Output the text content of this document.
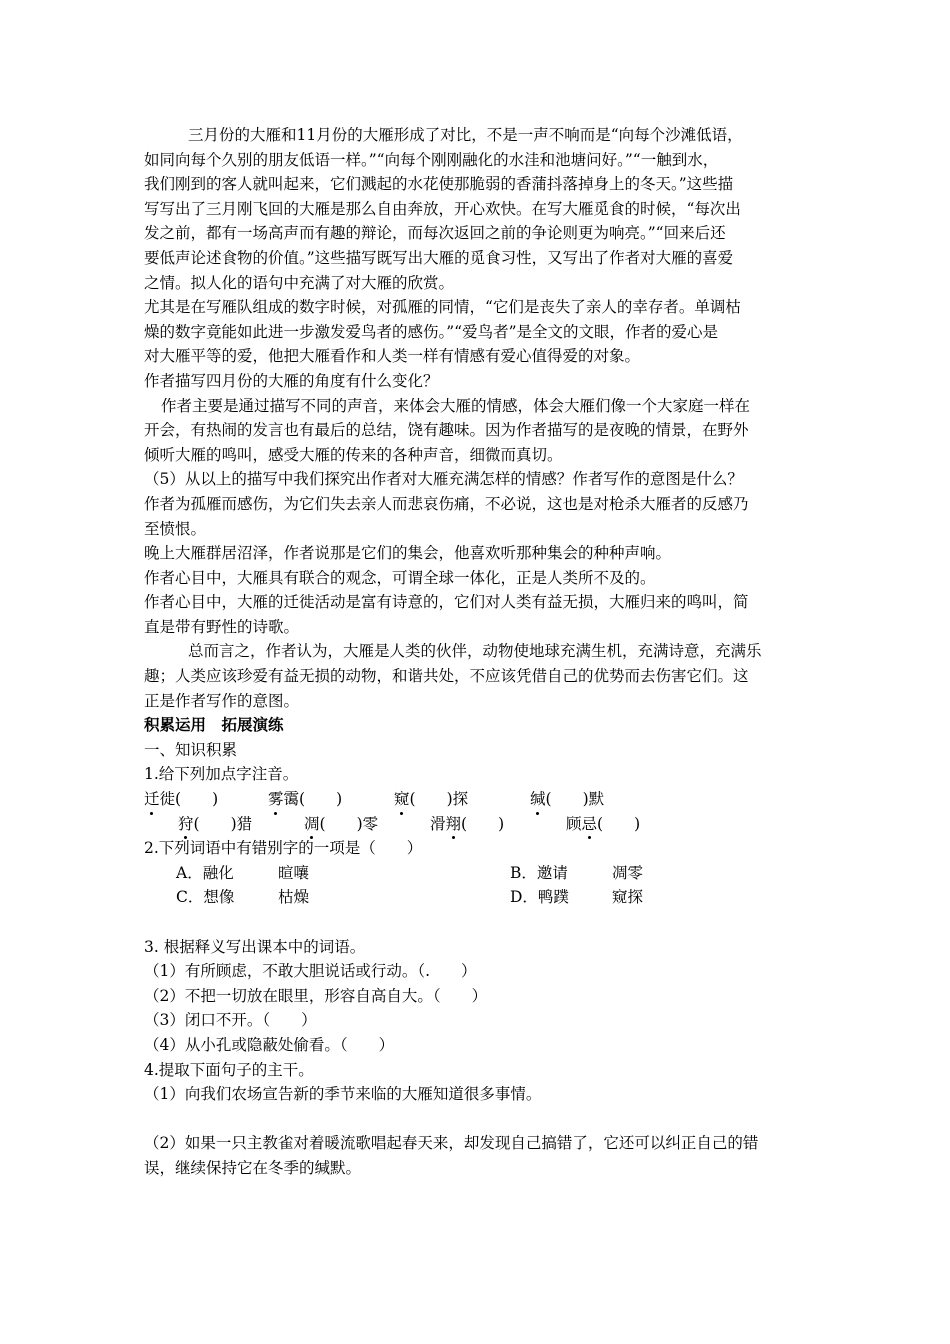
三月份的大雁和11月份的大雁形成了对比，不是一声不响而是“向每个沙滩低语，
如同向每个久别的朋友低语一样。”“向每个刚刚融化的水洼和池塘问好。”“一触到水，
我们刚到的客人就叫起来，它们溅起的水花使那脆弱的香蒲抖落掉身上的冬天。”这些描
写写出了三月刚飞回的大雁是那么自由奔放，开心欢快。在写大雁觅食的时候，“每次出
发之前，都有一场高声而有趣的辩论，而每次返回之前的争论则更为响亮。”“回来后还
要低声论述食物的价值。”这些描写既写出大雁的觅食习性，又写出了作者对大雁的喜爱
之情。拟人化的语句中充满了对大雁的欣赏。
尤其是在写雁队组成的数字时候，对孤雁的同情，“它们是丧失了亲人的幸存者。单调枯
燥的数字竟能如此进一步激发爱鸟者的感伤。”“爱鸟者”是全文的文眼，作者的爱心是
对大雁平等的爱，他把大雁看作和人类一样有情感有爱心值得爱的对象。
作者描写四月份的大雁的角度有什么变化？
作者主要是通过描写不同的声音，来体会大雁的情感，体会大雁们像一个大家庭一样在
开会，有热闹的发言也有最后的总结，饶有趣味。因为作者描写的是夜晚的情景，在野外
倾听大雁的鸣叫，感受大雁的传来的各种声音，细微而真切。
（5）从以上的描写中我们探究出作者对大雁充满怎样的情感？作者写作的意图是什么？
作者为孤雁而感伤，为它们失去亲人而悲哀伤痛，不必说，这也是对枪杀大雁者的反感乃
至愤恨。
晚上大雁群居沼泽，作者说那是它们的集会，他喜欢听那种集会的种种声响。
作者心目中，大雁具有联合的观念，可谓全球一体化，正是人类所不及的。
作者心目中，大雁的迁徙活动是富有诗意的，它们对人类有益无损，大雁归来的鸣叫，简
直是带有野性的诗歌。
总而言之，作者认为，大雁是人类的伙伴，动物使地球充满生机，充满诗意，充满乐
趣；人类应该珍爱有益无损的动物，和谐共处，不应该凭借自己的优势而去伤害它们。这
正是作者写作的意图。
积累运用　拓展演练
一、知识积累
1.给下列加点字注音。
迁徙(　　)	雾霭(　　)	窥(　　)探	缄(　　)默
狩(　　)猎	凋(　　)零	滑翔(　　)	顾忌(　　)
2.下列词语中有错别字的一项是（　　）
A．融化	暄嚷	B．邀请	凋零
C．想像	枯燥	D．鸭蹼	窥探
3. 根据释义写出课本中的词语。
（1）有所顾虑，不敢大胆说话或行动。（.　　）
（2）不把一切放在眼里，形容自高自大。（　　）
（3）闭口不开。（　　）
（4）从小孔或隐蔽处偷看。（　　）
4.提取下面句子的主干。
（1）向我们农场宣告新的季节来临的大雁知道很多事情。
（2）如果一只主教雀对着暖流歌唱起春天来，却发现自己搞错了，它还可以纠正自己的错
误，继续保持它在冬季的缄默。
